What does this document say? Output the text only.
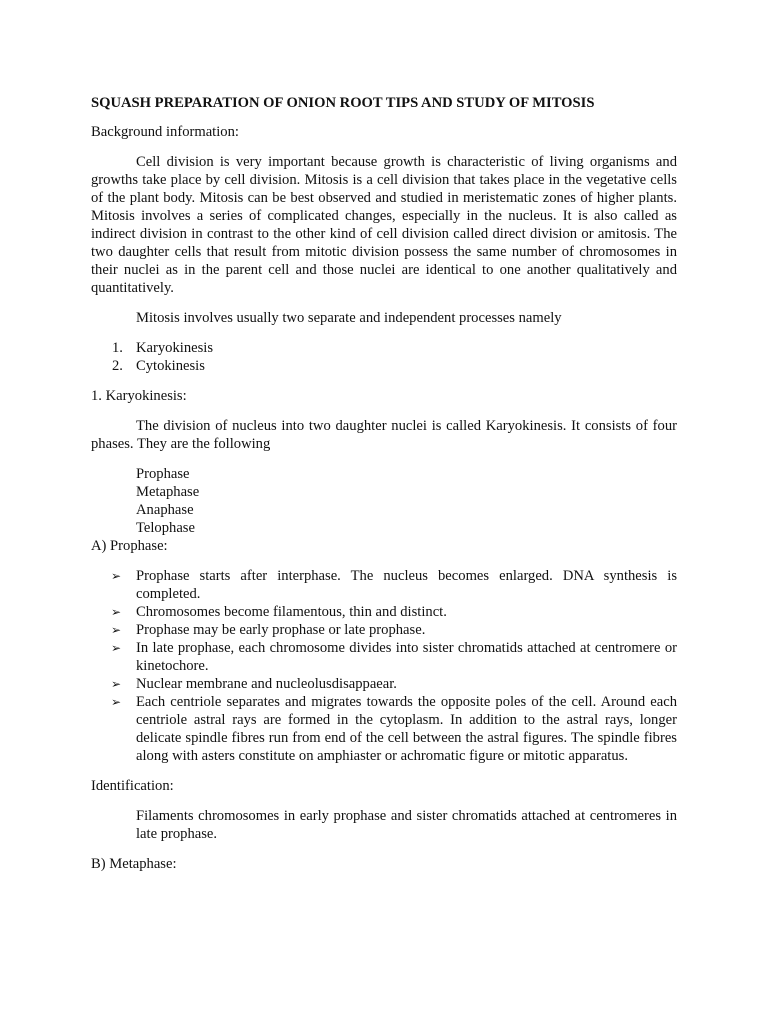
SQUASH PREPARATION OF ONION ROOT TIPS AND STUDY OF MITOSIS
Background information:
Cell division is very important because growth is characteristic of living organisms and growths take place by cell division. Mitosis is a cell division that takes place in the vegetative cells of the plant body. Mitosis can be best observed and studied in meristematic zones of higher plants. Mitosis involves a series of complicated changes, especially in the nucleus. It is also called as indirect division in contrast to the other kind of cell division called direct division or amitosis. The two daughter cells that result from mitotic division possess the same number of chromosomes in their nuclei as in the parent cell and those nuclei are identical to one another qualitatively and quantitatively.
Mitosis involves usually two separate and independent processes namely
1. Karyokinesis
2. Cytokinesis
1. Karyokinesis:
The division of nucleus into two daughter nuclei is called Karyokinesis. It consists of four phases. They are the following
Prophase
Metaphase
Anaphase
Telophase
A) Prophase:
➢ Prophase starts after interphase. The nucleus becomes enlarged. DNA synthesis is completed.
➢ Chromosomes become filamentous, thin and distinct.
➢ Prophase may be early prophase or late prophase.
➢ In late prophase, each chromosome divides into sister chromatids attached at centromere or kinetochore.
➢ Nuclear membrane and nucleolusdisappaear.
➢ Each centriole separates and migrates towards the opposite poles of the cell. Around each centriole astral rays are formed in the cytoplasm. In addition to the astral rays, longer delicate spindle fibres run from end of the cell between the astral figures. The spindle fibres along with asters constitute on amphiaster or achromatic figure or mitotic apparatus.
Identification:
Filaments chromosomes in early prophase and sister chromatids attached at centromeres in late prophase.
B) Metaphase:
